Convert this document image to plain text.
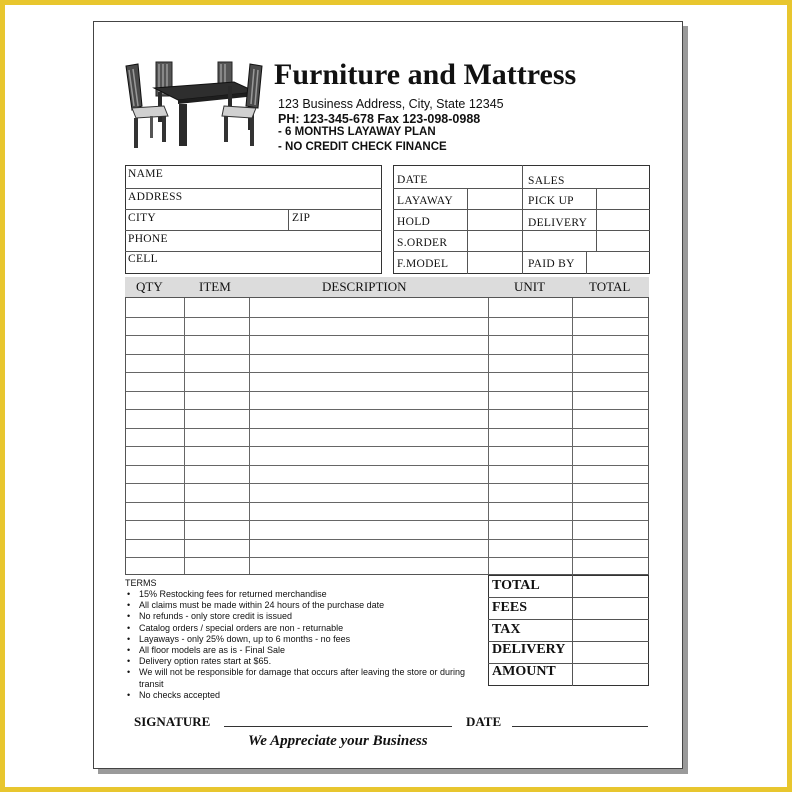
Furniture and Mattress
123 Business Address, City, State 12345
PH: 123-345-678 Fax 123-098-0988
- 6 MONTHS LAYAWAY PLAN
- NO CREDIT CHECK FINANCE
NAME
ADDRESS
CITY	ZIP
PHONE
CELL
DATE	SALES
LAYAWAY	PICK UP
HOLD	DELIVERY
S.ORDER
F.MODEL	PAID BY
QTY	ITEM	DESCRIPTION	UNIT	TOTAL
TERMS
• 15% Restocking fees for returned merchandise
• All claims must be made within 24 hours of the purchase date
• No refunds - only store credit is issued
• Catalog orders / special orders are non - returnable
• Layaways - only 25% down, up to 6 months - no fees
• All floor models are as is - Final Sale
• Delivery option rates start at $65.
• We will not be responsible for damage that occurs after leaving the store or during transit
• No checks accepted
TOTAL
FEES
TAX
DELIVERY
AMOUNT
SIGNATURE	DATE
We Appreciate your Business
